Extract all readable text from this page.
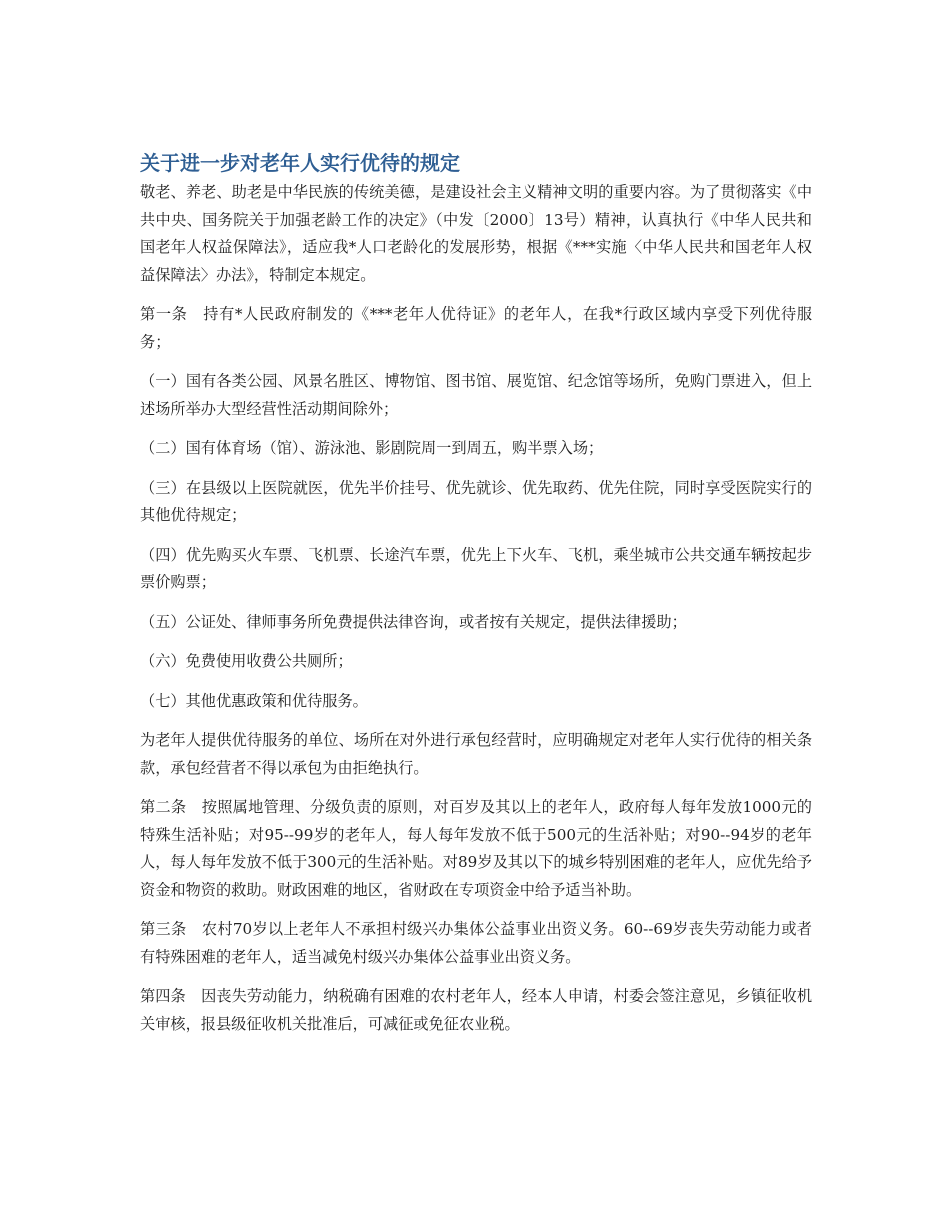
关于进一步对老年人实行优待的规定

敬老、养老、助老是中华民族的传统美德，是建设社会主义精神文明的重要内容。为了贯彻落实《中共中央、国务院关于加强老龄工作的决定》（中发〔2000〕13号）精神，认真执行《中华人民共和国老年人权益保障法》，适应我*人口老龄化的发展形势，根据《***实施〈中华人民共和国老年人权益保障法〉办法》，特制定本规定。

第一条　持有*人民政府制发的《***老年人优待证》的老年人，在我*行政区域内享受下列优待服务；

（一）国有各类公园、风景名胜区、博物馆、图书馆、展览馆、纪念馆等场所，免购门票进入，但上述场所举办大型经营性活动期间除外；

（二）国有体育场（馆）、游泳池、影剧院周一到周五，购半票入场；

（三）在县级以上医院就医，优先半价挂号、优先就诊、优先取药、优先住院，同时享受医院实行的其他优待规定；

（四）优先购买火车票、飞机票、长途汽车票，优先上下火车、飞机，乘坐城市公共交通车辆按起步票价购票；

（五）公证处、律师事务所免费提供法律咨询，或者按有关规定，提供法律援助；

（六）免费使用收费公共厕所；

（七）其他优惠政策和优待服务。

为老年人提供优待服务的单位、场所在对外进行承包经营时，应明确规定对老年人实行优待的相关条款，承包经营者不得以承包为由拒绝执行。

第二条　按照属地管理、分级负责的原则，对百岁及其以上的老年人，政府每人每年发放1000元的特殊生活补贴；对95--99岁的老年人，每人每年发放不低于500元的生活补贴；对90--94岁的老年人，每人每年发放不低于300元的生活补贴。对89岁及其以下的城乡特别困难的老年人，应优先给予资金和物资的救助。财政困难的地区，省财政在专项资金中给予适当补助。

第三条　农村70岁以上老年人不承担村级兴办集体公益事业出资义务。60--69岁丧失劳动能力或者有特殊困难的老年人，适当减免村级兴办集体公益事业出资义务。

第四条　因丧失劳动能力，纳税确有困难的农村老年人，经本人申请，村委会签注意见，乡镇征收机关审核，报县级征收机关批准后，可减征或免征农业税。
